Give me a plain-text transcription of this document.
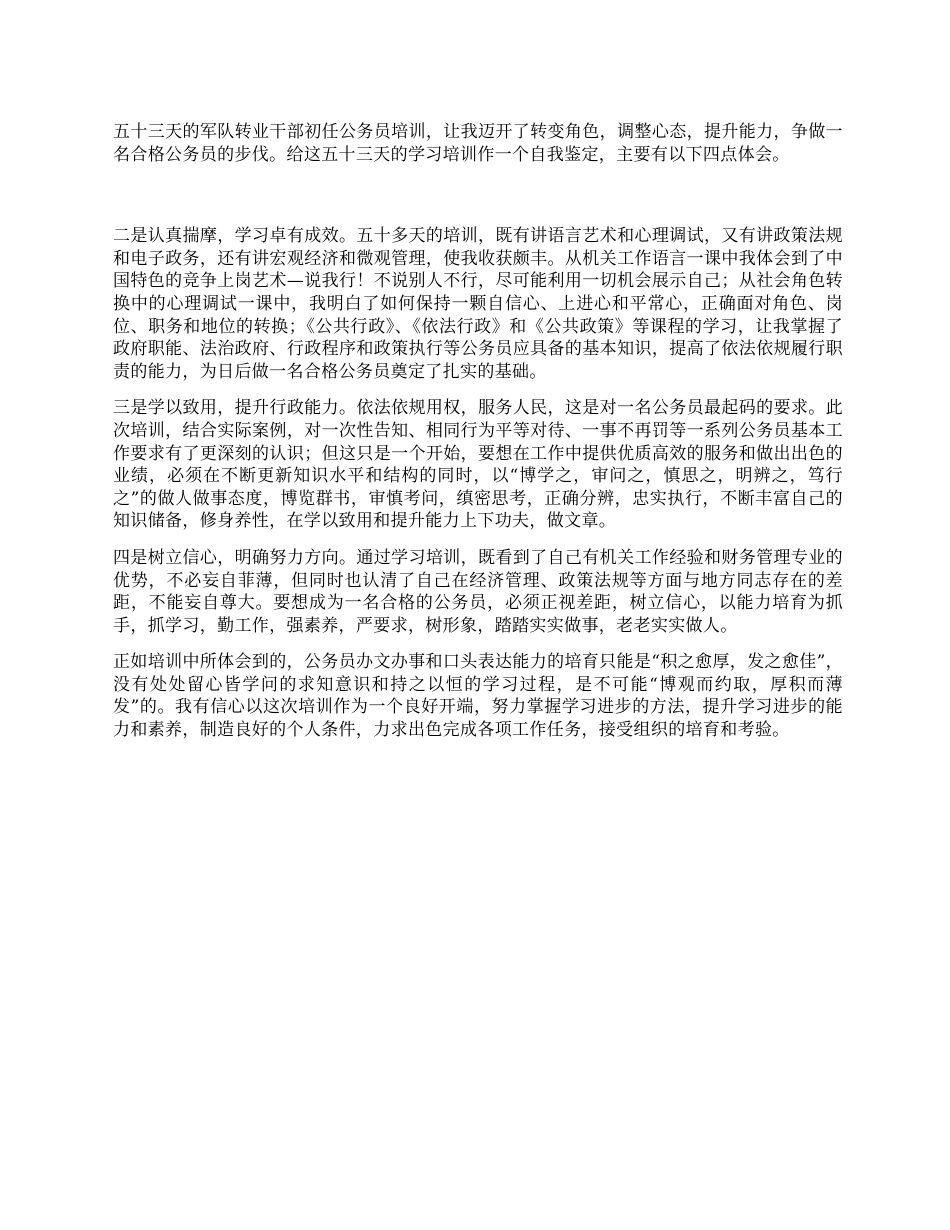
五十三天的军队转业干部初任公务员培训，让我迈开了转变角色，调整心态，提升能力，争做一名合格公务员的步伐。给这五十三天的学习培训作一个自我鉴定，主要有以下四点体会。

二是认真揣摩，学习卓有成效。五十多天的培训，既有讲语言艺术和心理调试，又有讲政策法规和电子政务，还有讲宏观经济和微观管理，使我收获颇丰。从机关工作语言一课中我体会到了中国特色的竞争上岗艺术—说我行！不说别人不行，尽可能利用一切机会展示自己；从社会角色转换中的心理调试一课中，我明白了如何保持一颗自信心、上进心和平常心，正确面对角色、岗位、职务和地位的转换；《公共行政》、《依法行政》和《公共政策》等课程的学习，让我掌握了政府职能、法治政府、行政程序和政策执行等公务员应具备的基本知识，提高了依法依规履行职责的能力，为日后做一名合格公务员奠定了扎实的基础。

三是学以致用，提升行政能力。依法依规用权，服务人民，这是对一名公务员最起码的要求。此次培训，结合实际案例，对一次性告知、相同行为平等对待、一事不再罚等一系列公务员基本工作要求有了更深刻的认识；但这只是一个开始，要想在工作中提供优质高效的服务和做出出色的业绩，必须在不断更新知识水平和结构的同时，以“博学之，审问之，慎思之，明辨之，笃行之”的做人做事态度，博览群书，审慎考问，缜密思考，正确分辨，忠实执行，不断丰富自己的知识储备，修身养性，在学以致用和提升能力上下功夫，做文章。

四是树立信心，明确努力方向。通过学习培训，既看到了自己有机关工作经验和财务管理专业的优势，不必妄自菲薄，但同时也认清了自己在经济管理、政策法规等方面与地方同志存在的差距，不能妄自尊大。要想成为一名合格的公务员，必须正视差距，树立信心，以能力培育为抓手，抓学习，勤工作，强素养，严要求，树形象，踏踏实实做事，老老实实做人。

正如培训中所体会到的，公务员办文办事和口头表达能力的培育只能是“积之愈厚，发之愈佳”，没有处处留心皆学问的求知意识和持之以恒的学习过程，是不可能“博观而约取，厚积而薄发”的。我有信心以这次培训作为一个良好开端，努力掌握学习进步的方法，提升学习进步的能力和素养，制造良好的个人条件，力求出色完成各项工作任务，接受组织的培育和考验。
